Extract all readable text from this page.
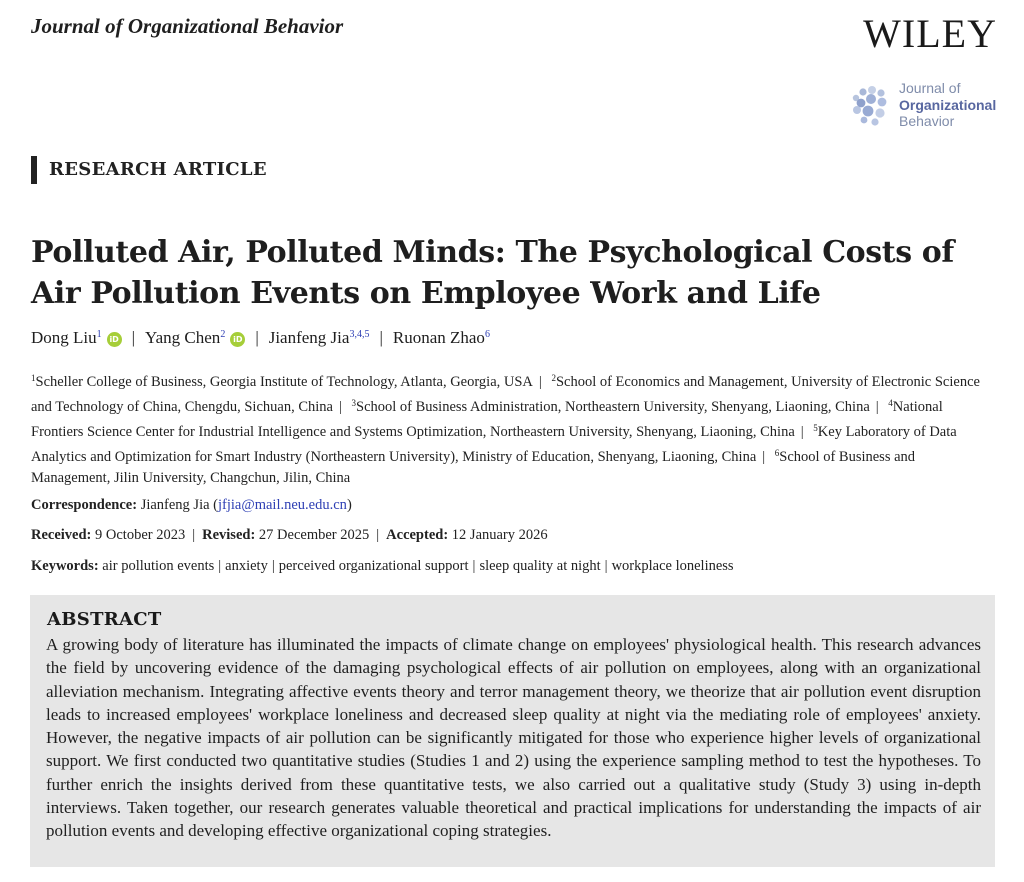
Journal of Organizational Behavior	WILEY
Journal of
Organizational
Behavior
RESEARCH ARTICLE
Polluted Air, Polluted Minds: The Psychological Costs of Air Pollution Events on Employee Work and Life
Dong Liu$^1$ iD | Yang Chen$^2$ iD | Jianfeng Jia$^{3,4,5}$ | Ruonan Zhao$^6$
$^1$Scheller College of Business, Georgia Institute of Technology, Atlanta, Georgia, USA | $^2$School of Economics and Management, University of Electronic Science and Technology of China, Chengdu, Sichuan, China | $^3$School of Business Administration, Northeastern University, Shenyang, Liaoning, China | $^4$National Frontiers Science Center for Industrial Intelligence and Systems Optimization, Northeastern University, Shenyang, Liaoning, China | $^5$Key Laboratory of Data Analytics and Optimization for Smart Industry (Northeastern University), Ministry of Education, Shenyang, Liaoning, China | $^6$School of Business and Management, Jilin University, Changchun, Jilin, China
Correspondence: Jianfeng Jia (jfjia@mail.neu.edu.cn)
Received: 9 October 2023 | Revised: 27 December 2025 | Accepted: 12 January 2026
Keywords: air pollution events | anxiety | perceived organizational support | sleep quality at night | workplace loneliness
ABSTRACT

A growing body of literature has illuminated the impacts of climate change on employees' physiological health. This research advances the field by uncovering evidence of the damaging psychological effects of air pollution on employees, along with an organizational alleviation mechanism. Integrating affective events theory and terror management theory, we theorize that air pollution event disruption leads to increased employees' workplace loneliness and decreased sleep quality at night via the mediating role of employees' anxiety. However, the negative impacts of air pollution can be significantly mitigated for those who experience higher levels of organizational support. We first conducted two quantitative studies (Studies 1 and 2) using the experience sampling method to test the hypotheses. To further enrich the insights derived from these quantitative tests, we also carried out a qualitative study (Study 3) using in-depth interviews. Taken together, our research generates valuable theoretical and practical implications for understanding the impacts of air pollution events and developing effective organizational coping strategies.
